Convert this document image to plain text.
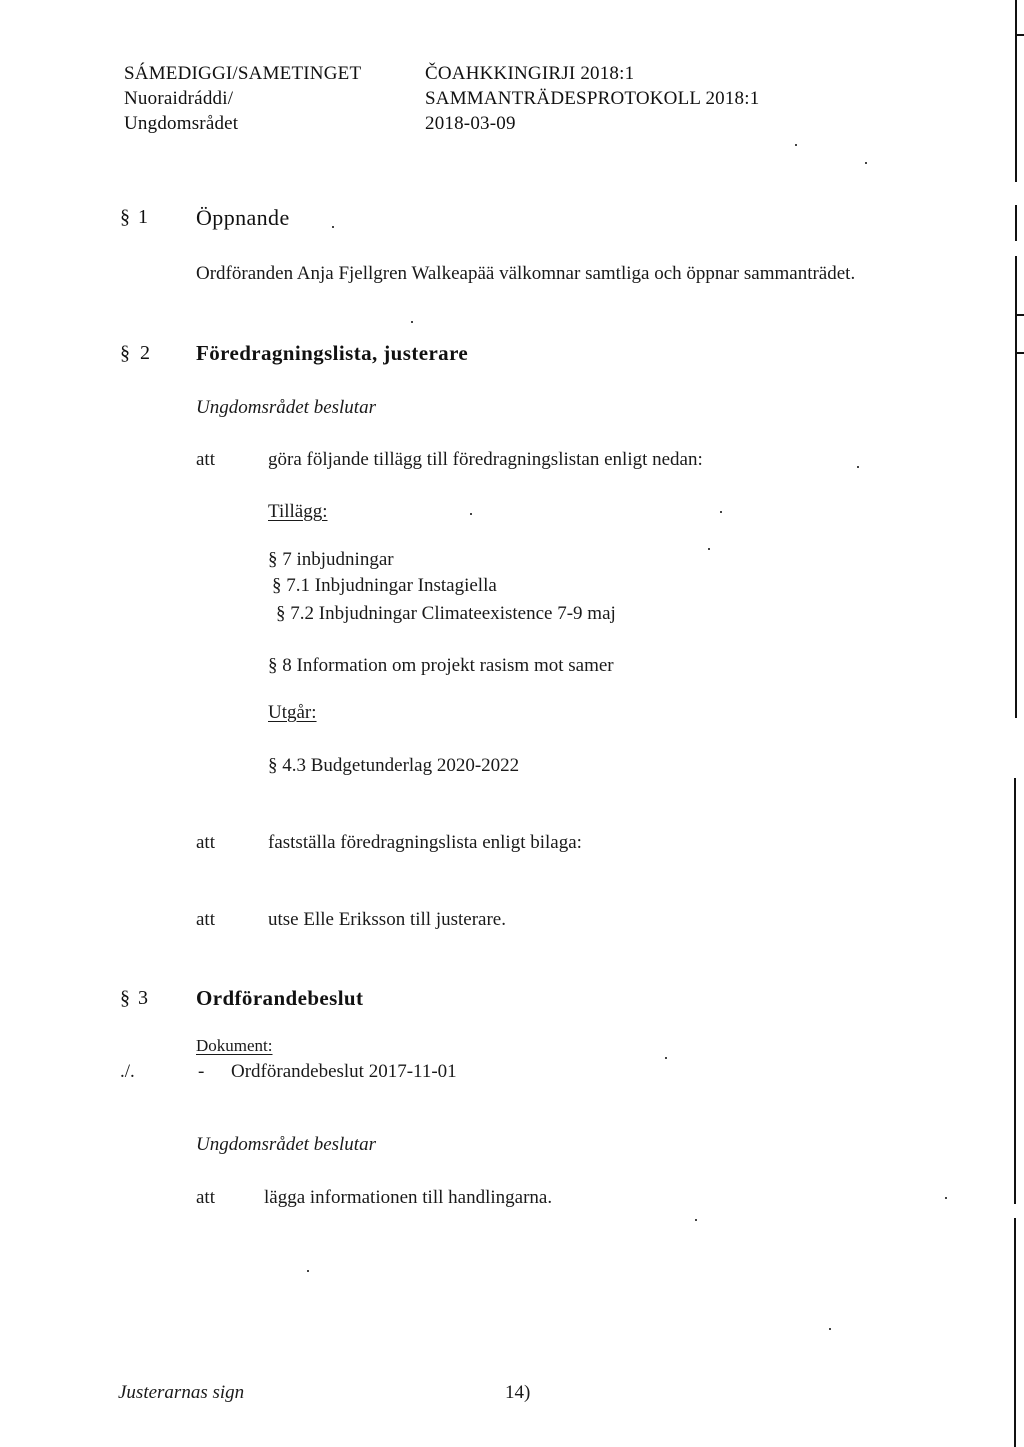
SÁMEDIGGI/SAMETINGET
Nuoraidráddi/
Ungdomsrådet
ČOAHKKINGIRJI 2018:1
SAMMANTRÄDESPROTOKOLL 2018:1
2018-03-09
§ 1 Öppnande
Ordföranden Anja Fjellgren Walkeapää välkomnar samtliga och öppnar sammanträdet.
§ 2 Föredragningslista, justerare
Ungdomsrådet beslutar
att	göra följande tillägg till föredragningslistan enligt nedan:
Tillägg:
§ 7 inbjudningar
§ 7.1 Inbjudningar Instagiella
§ 7.2 Inbjudningar Climateexistence 7-9 maj
§ 8 Information om projekt rasism mot samer
Utgår:
§ 4.3 Budgetunderlag 2020-2022
att	fastställa föredragningslista enligt bilaga:
att	utse Elle Eriksson till justerare.
§ 3 Ordförandebeslut
Dokument:
./.	- Ordförandebeslut 2017-11-01
Ungdomsrådet beslutar
att	lägga informationen till handlingarna.
Justerarnas sign	14)
